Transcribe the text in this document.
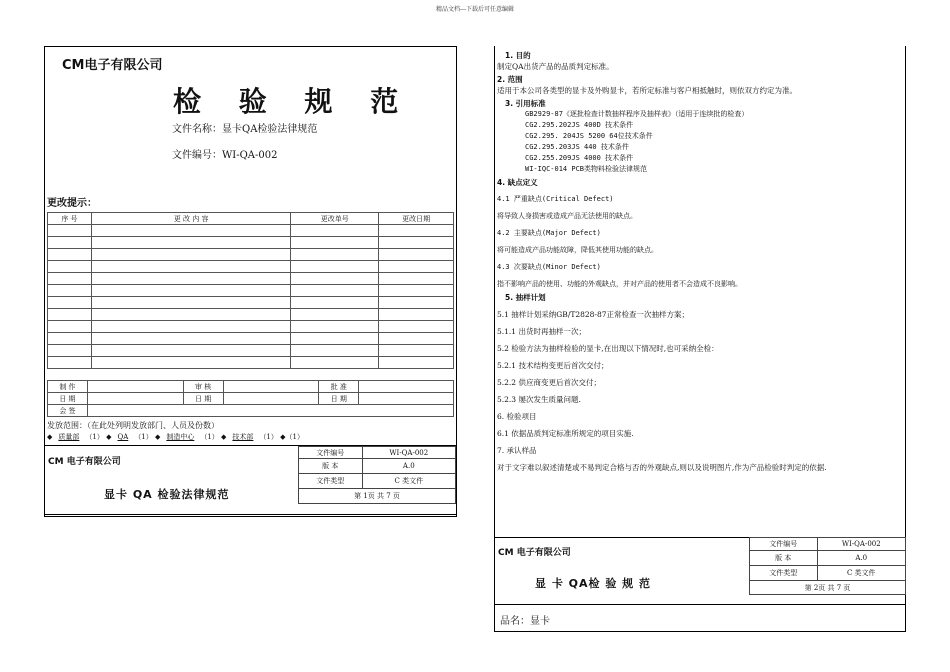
精品文档---下载后可任意编辑
CM电子有限公司
检 验 规 范
文件名称：显卡QA检验法律规范
文件编号：WI-QA-002
更改提示：
序 号	更 改 内 容	更改单号	更改日期

制 作		审 核		批 准	
日 期		日 期		日 期	
会 签					
发放范围：（在此处列明发放部门、人员及份数）
◆ 质量部 （1） ◆ QA （1） ◆ 制造中心 （1） ◆ 技术部 （1） ◆（1）
CM 电子有限公司
显卡 QA 检验法律规范
文件编号	WI-QA-002
版 本	A.0
文件类型	C 类文件
第 1页 共 7 页	
1. 目的
制定QA出货产品的品质判定标准。
2. 范围
适用于本公司各类型的显卡及外购显卡，若所定标准与客户相抵触时，则依双方约定为准。
3. 引用标准
GB2929-87《逐批检查计数抽样程序及抽样表》（适用于连续批的检查）
CG2.295.202JS 400D 技术条件
CG2.295. 204JS 5200 64位技术条件
CG2.295.203JS 440 技术条件
CG2.255.209JS 4000 技术条件
WI-IQC-014 PCB类物料检验法律规范
4. 缺点定义
4.1 严重缺点(Critical Defect)
将导致人身损害或造成产品无法使用的缺点。
4.2 主要缺点(Major Defect)
将可能造成产品功能故障，降低其使用功能的缺点。
4.3 次要缺点(Minor Defect)
指不影响产品的使用、功能的外观缺点，并对产品的使用者不会造成不良影响。
5. 抽样计划
5.1 抽样计划采纳GB/T2828-87正常检查一次抽样方案；
5.1.1 出货时再抽样一次；
5.2 检验方法为抽样检验的显卡,在出现以下情况时,也可采纳全检：
5.2.1 技术结构变更后首次交付；
5.2.2 供应商变更后首次交付；
5.2.3 屡次发生质量问题.
6. 检验项目
6.1 依据品质判定标准所规定的项目实施.
7. 承认样品
对于文字难以叙述清楚或不易判定合格与否的外观缺点,则以及说明图片,作为产品检验时判定的依据.
CM 电子有限公司
显 卡 QA检 验 规 范
文件编号	WI-QA-002
版 本	A.0
文件类型	C 类文件
第 2页 共 7 页	
品名：显卡
